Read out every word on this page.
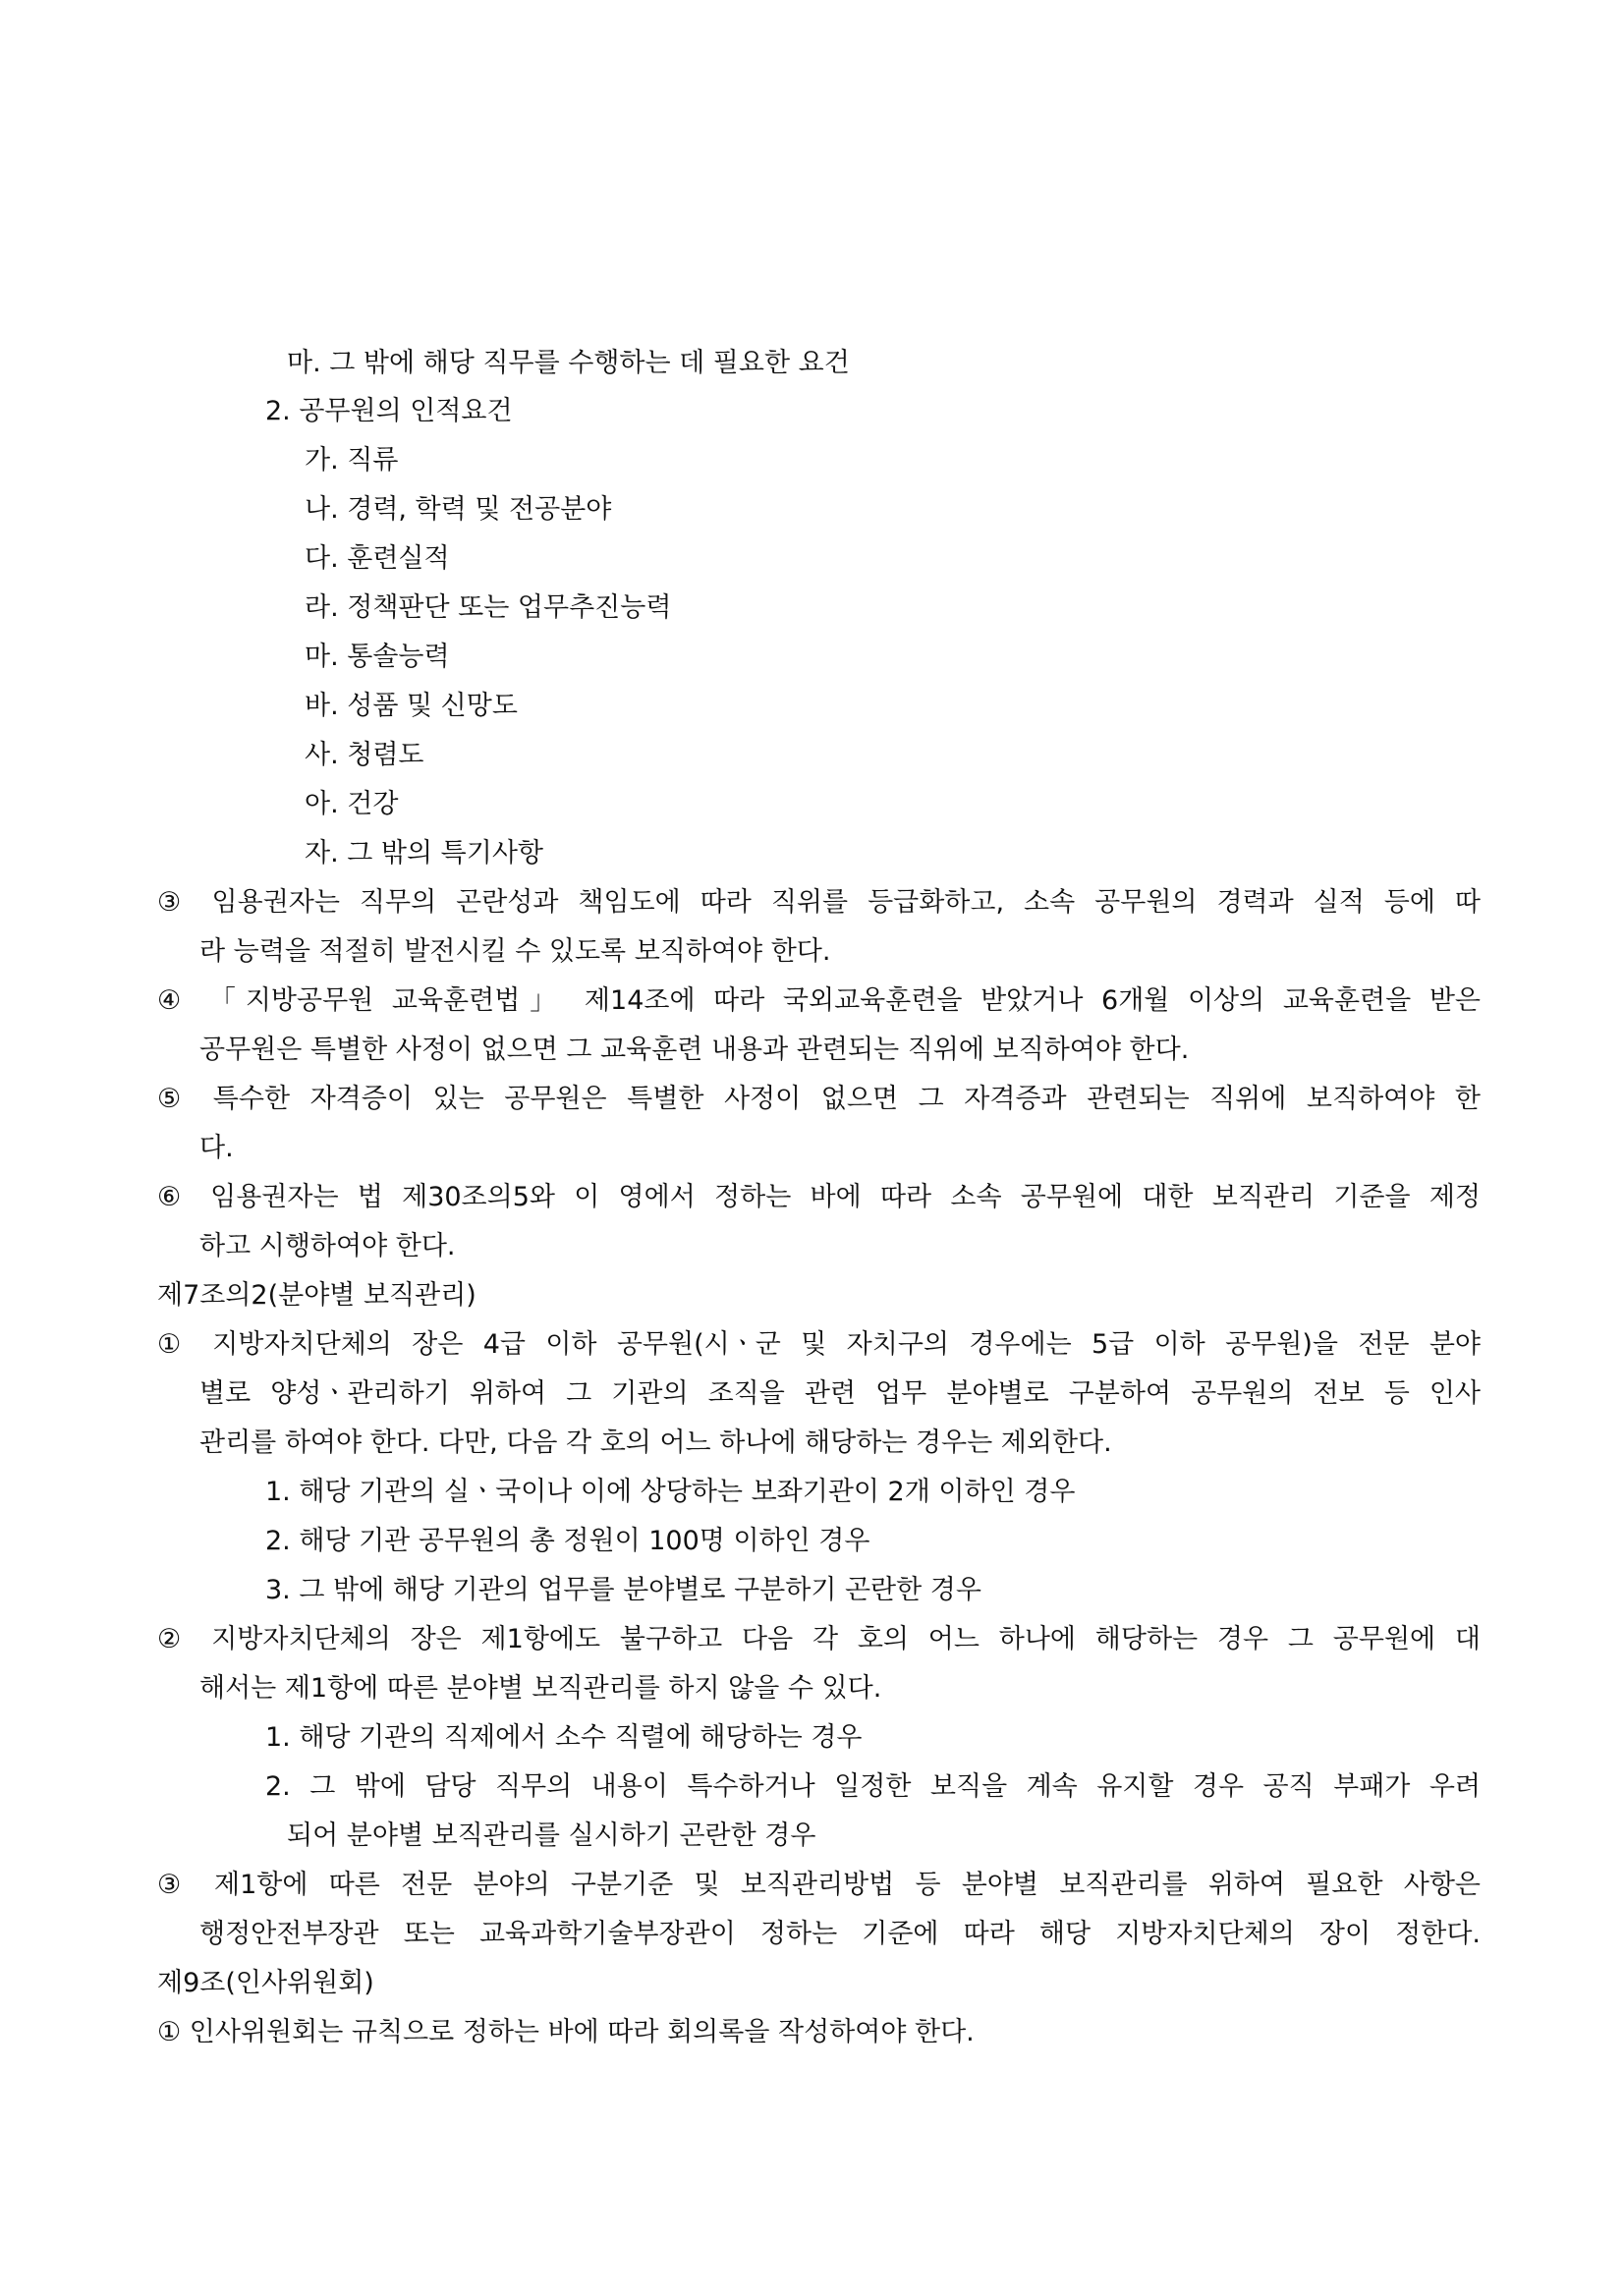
마. 그 밖에 해당 직무를 수행하는 데 필요한 요건
2. 공무원의 인적요건
가. 직류
나. 경력, 학력 및 전공분야
다. 훈련실적
라. 정책판단 또는 업무추진능력
마. 통솔능력
바. 성품 및 신망도
사. 청렴도
아. 건강
자. 그 밖의 특기사항
③ 임용권자는 직무의 곤란성과 책임도에 따라 직위를 등급화하고, 소속 공무원의 경력과 실적 등에 따
라 능력을 적절히 발전시킬 수 있도록 보직하여야 한다.
④ 「지방공무원 교육훈련법」 제14조에 따라 국외교육훈련을 받았거나 6개월 이상의 교육훈련을 받은
공무원은 특별한 사정이 없으면 그 교육훈련 내용과 관련되는 직위에 보직하여야 한다.
⑤ 특수한 자격증이 있는 공무원은 특별한 사정이 없으면 그 자격증과 관련되는 직위에 보직하여야 한
다.
⑥ 임용권자는 법 제30조의5와 이 영에서 정하는 바에 따라 소속 공무원에 대한 보직관리 기준을 제정
하고 시행하여야 한다.
제7조의2(분야별 보직관리)
① 지방자치단체의 장은 4급 이하 공무원(시ㆍ군 및 자치구의 경우에는 5급 이하 공무원)을 전문 분야
별로 양성ㆍ관리하기 위하여 그 기관의 조직을 관련 업무 분야별로 구분하여 공무원의 전보 등 인사
관리를 하여야 한다. 다만, 다음 각 호의 어느 하나에 해당하는 경우는 제외한다.
1. 해당 기관의 실ㆍ국이나 이에 상당하는 보좌기관이 2개 이하인 경우
2. 해당 기관 공무원의 총 정원이 100명 이하인 경우
3. 그 밖에 해당 기관의 업무를 분야별로 구분하기 곤란한 경우
② 지방자치단체의 장은 제1항에도 불구하고 다음 각 호의 어느 하나에 해당하는 경우 그 공무원에 대
해서는 제1항에 따른 분야별 보직관리를 하지 않을 수 있다.
1. 해당 기관의 직제에서 소수 직렬에 해당하는 경우
2. 그 밖에 담당 직무의 내용이 특수하거나 일정한 보직을 계속 유지할 경우 공직 부패가 우려
되어 분야별 보직관리를 실시하기 곤란한 경우
③ 제1항에 따른 전문 분야의 구분기준 및 보직관리방법 등 분야별 보직관리를 위하여 필요한 사항은
행정안전부장관 또는 교육과학기술부장관이 정하는 기준에 따라 해당 지방자치단체의 장이 정한다.
제9조(인사위원회)
① 인사위원회는 규칙으로 정하는 바에 따라 회의록을 작성하여야 한다.
